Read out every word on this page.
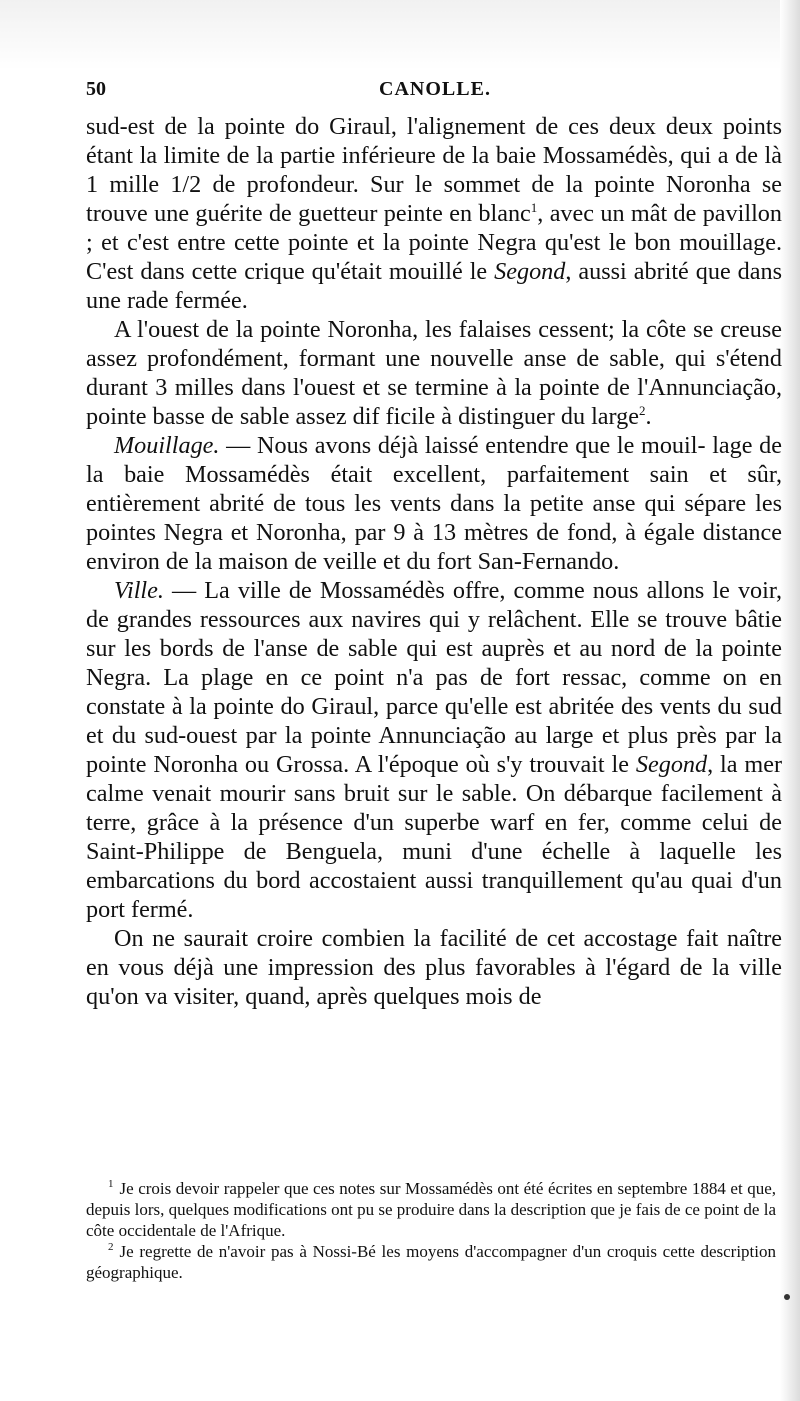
50	CANOLLE.

sud-est de la pointe do Giraul, l'alignement de ces deux deux points étant la limite de la partie inférieure de la baie Mossamédès, qui a de là 1 mille 1/2 de profondeur. Sur le sommet de la pointe Noronha se trouve une guérite de guetteur peinte en blanc$^1$, avec un mât de pavillon ; et c'est entre cette pointe et la pointe Negra qu'est le bon mouillage. C'est dans cette crique qu'était mouillé le Segond, aussi abrité que dans une rade fermée.

A l'ouest de la pointe Noronha, les falaises cessent; la côte se creuse assez profondément, formant une nouvelle anse de sable, qui s'étend durant 3 milles dans l'ouest et se termine à la pointe de l'Annunciação, pointe basse de sable assez dif ficile à distinguer du large$^2$.

Mouillage. — Nous avons déjà laissé entendre que le mouil- lage de la baie Mossamédès était excellent, parfaitement sain et sûr, entièrement abrité de tous les vents dans la petite anse qui sépare les pointes Negra et Noronha, par 9 à 13 mètres de fond, à égale distance environ de la maison de veille et du fort San-Fernando.

Ville. — La ville de Mossamédès offre, comme nous allons le voir, de grandes ressources aux navires qui y relâchent. Elle se trouve bâtie sur les bords de l'anse de sable qui est auprès et au nord de la pointe Negra. La plage en ce point n'a pas de fort ressac, comme on en constate à la pointe do Giraul, parce qu'elle est abritée des vents du sud et du sud-ouest par la pointe Annunciação au large et plus près par la pointe Noronha ou Grossa. A l'époque où s'y trouvait le Segond, la mer calme venait mourir sans bruit sur le sable. On débarque facilement à terre, grâce à la présence d'un superbe warf en fer, comme celui de Saint-Philippe de Benguela, muni d'une échelle à laquelle les embarcations du bord accostaient aussi tranquillement qu'au quai d'un port fermé.

On ne saurait croire combien la facilité de cet accostage fait naître en vous déjà une impression des plus favorables à l'égard de la ville qu'on va visiter, quand, après quelques mois de

$^1$ Je crois devoir rappeler que ces notes sur Mossamédès ont été écrites en septembre 1884 et que, depuis lors, quelques modifications ont pu se produire dans la description que je fais de ce point de la côte occidentale de l'Afrique.

$^2$ Je regrette de n'avoir pas à Nossi-Bé les moyens d'accompagner d'un croquis cette description géographique.
